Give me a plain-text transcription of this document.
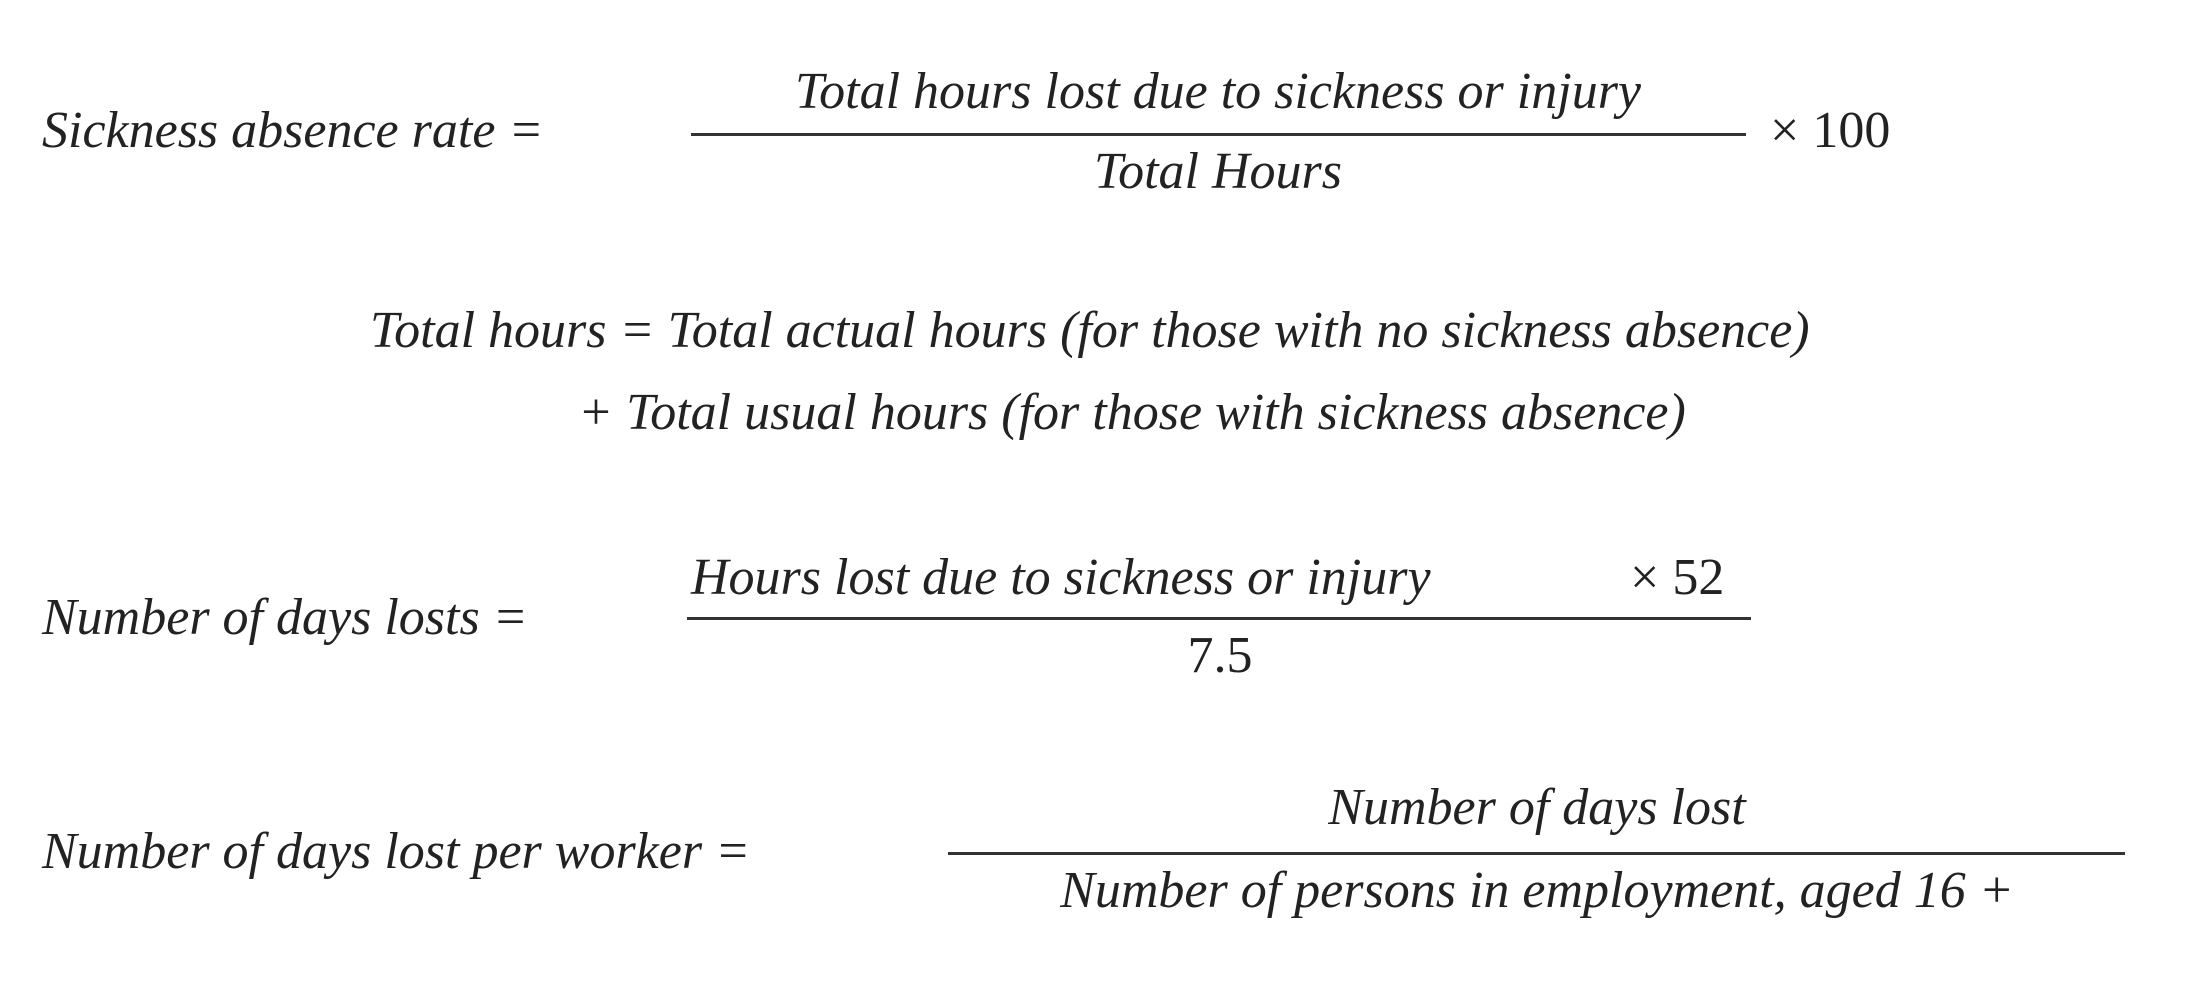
Sickness absence rate =
Total hours lost due to sickness or injury
Total Hours
× 100
Total hours = Total actual hours (for those with no sickness absence)
+ Total usual hours (for those with sickness absence)
Number of days losts =
Hours lost due to sickness or injury	× 52
7.5
Number of days lost per worker =
Number of days lost
Number of persons in employment, aged 16 +
